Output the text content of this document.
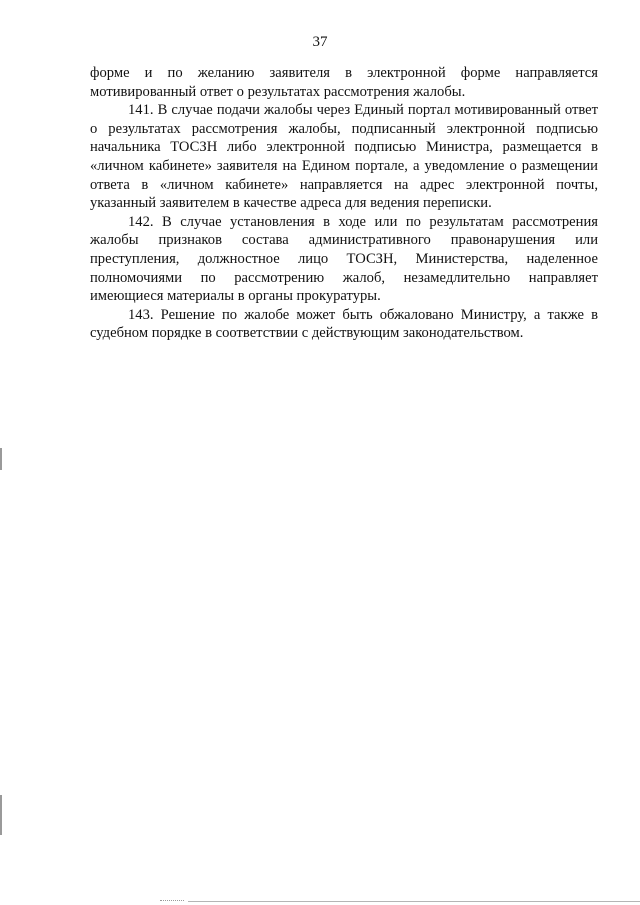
37

форме и по желанию заявителя в электронной форме направляется мотивированный ответ о результатах рассмотрения жалобы.

141. В случае подачи жалобы через Единый портал мотивированный ответ о результатах рассмотрения жалобы, подписанный электронной подписью начальника ТОСЗН либо электронной подписью Министра, размещается в «личном кабинете» заявителя на Едином портале, а уведомление о размещении ответа в «личном кабинете» направляется на адрес электронной почты, указанный заявителем в качестве адреса для ведения переписки.

142. В случае установления в ходе или по результатам рассмотрения жалобы признаков состава административного правонарушения или преступления, должностное лицо ТОСЗН, Министерства, наделенное полномочиями по рассмотрению жалоб, незамедлительно направляет имеющиеся материалы в органы прокуратуры.

143. Решение по жалобе может быть обжаловано Министру, а также в судебном порядке в соответствии с действующим законодательством.
